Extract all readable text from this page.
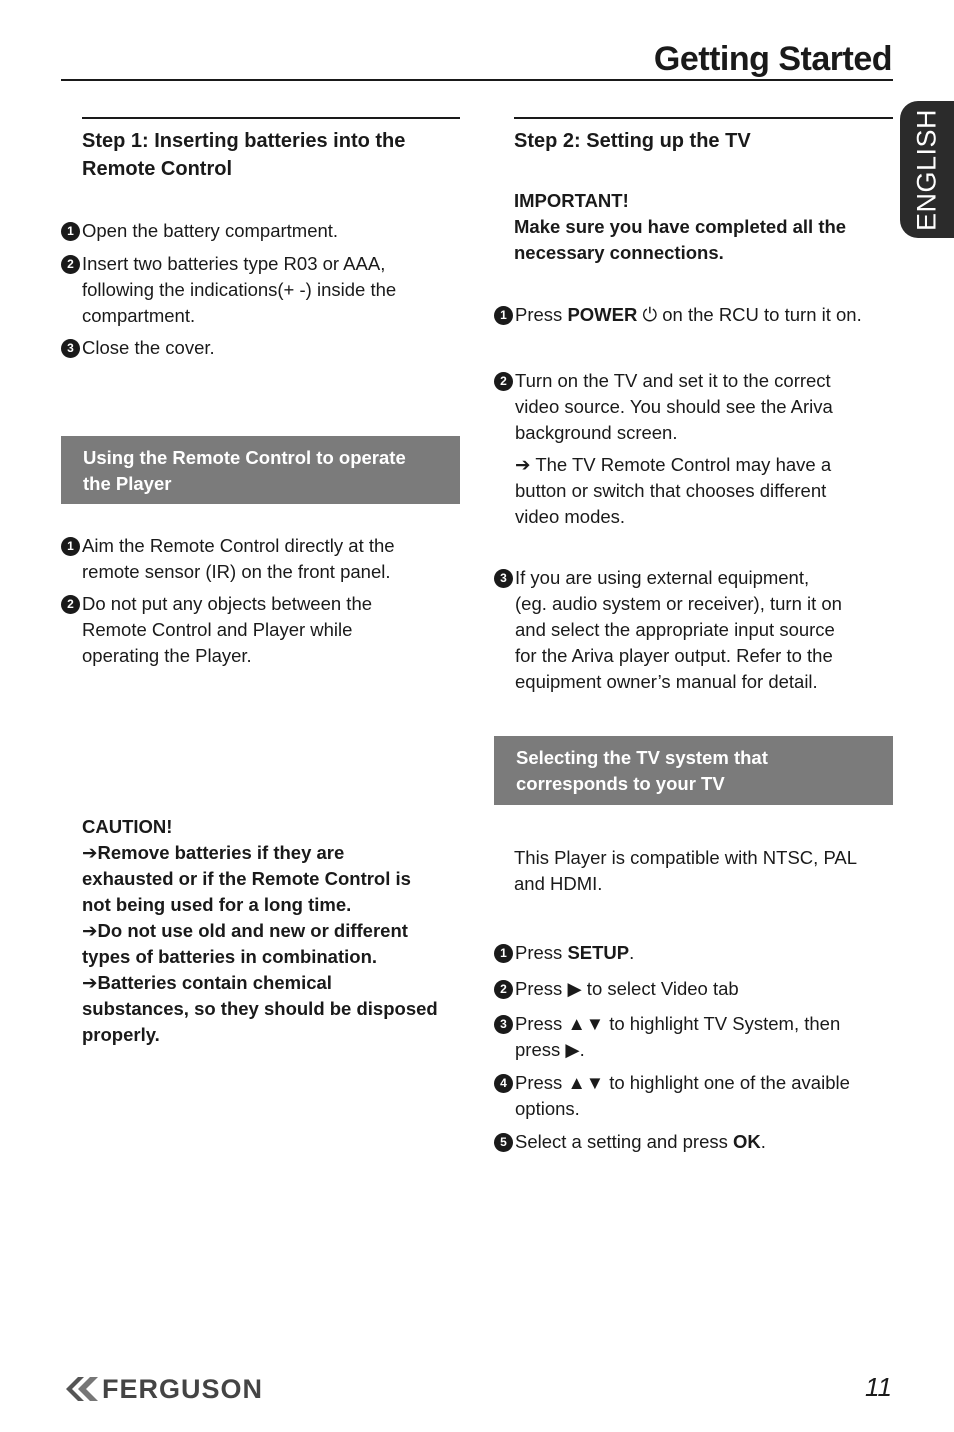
Getting Started
ENGLISH

Step 1: Inserting batteries into the

Remote Control

1 Open the battery compartment.
2 Insert two batteries type R03 or AAA,
following the indications(+ -) inside the
compartment.
3 Close the cover.
Using the Remote Control to operate
the Player
1 Aim the Remote Control directly at the
remote sensor (IR) on the front panel.
2 Do not put any objects between the
Remote Control and Player while
operating the Player.

CAUTION!

➔Remove batteries if they are

exhausted or if the Remote Control is

not being used for a long time.

➔Do not use old and new or different

types of batteries in combination.

➔Batteries contain chemical

substances, so they should be disposed

properly.

Step 2: Setting up the TV

IMPORTANT!

Make sure you have completed all the

necessary connections.

1 Press POWER ⏻ on the RCU to turn it on.
2 Turn on the TV and set it to the correct
video source. You should see the Ariva
background screen.
➔ The TV Remote Control may have a
button or switch that chooses different
video modes.
3 If you are using external equipment,
(eg. audio system or receiver), turn it on
and select the appropriate input source
for the Ariva player output. Refer to the
equipment owner’s manual for detail.
Selecting the TV system that
corresponds to your TV

This Player is compatible with NTSC, PAL

and HDMI.

1 Press SETUP.
2 Press ▶ to select Video tab
3 Press ▲▼ to highlight TV System, then
press ▶.
4 Press ▲▼ to highlight one of the avaible
options.
5 Select a setting and press OK.
FERGUSON	11
